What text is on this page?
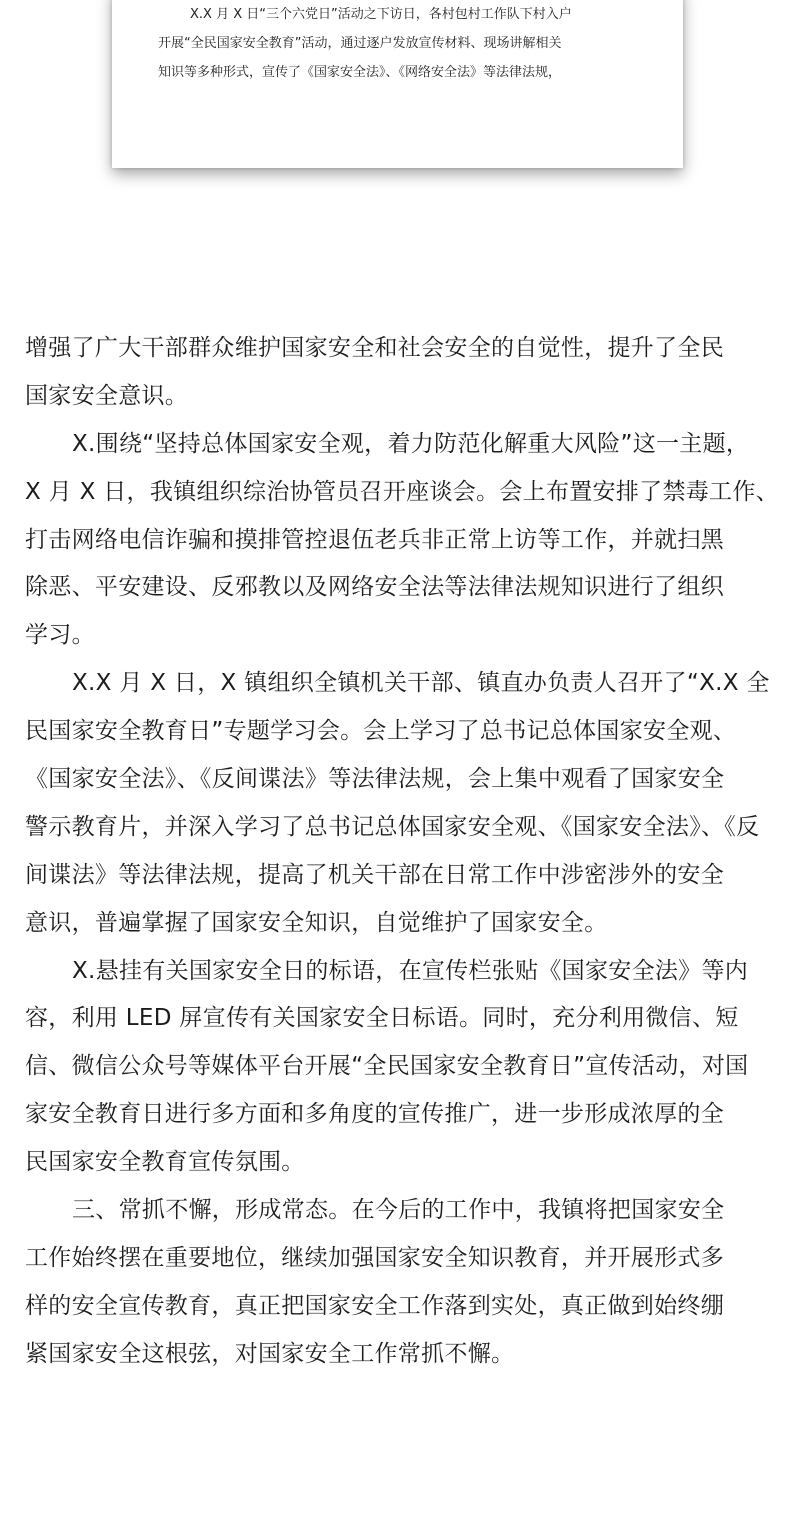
X.X 月 X 日“三个六党日”活动之下访日，各村包村工作队下村入户
开展“全民国家安全教育”活动，通过逐户发放宣传材料、现场讲解相关
知识等多种形式，宣传了《国家安全法》、《网络安全法》等法律法规，
增强了广大干部群众维护国家安全和社会安全的自觉性，提升了全民
国家安全意识。
X.围绕“坚持总体国家安全观，着力防范化解重大风险”这一主题，
X 月 X 日，我镇组织综治协管员召开座谈会。会上布置安排了禁毒工作、
打击网络电信诈骗和摸排管控退伍老兵非正常上访等工作，并就扫黑
除恶、平安建设、反邪教以及网络安全法等法律法规知识进行了组织
学习。
X.X 月 X 日，X 镇组织全镇机关干部、镇直办负责人召开了“X.X 全
民国家安全教育日”专题学习会。会上学习了总书记总体国家安全观、
《国家安全法》、《反间谍法》等法律法规，会上集中观看了国家安全
警示教育片，并深入学习了总书记总体国家安全观、《国家安全法》、《反
间谍法》等法律法规，提高了机关干部在日常工作中涉密涉外的安全
意识，普遍掌握了国家安全知识，自觉维护了国家安全。
X.悬挂有关国家安全日的标语，在宣传栏张贴《国家安全法》等内
容，利用 LED 屏宣传有关国家安全日标语。同时，充分利用微信、短
信、微信公众号等媒体平台开展“全民国家安全教育日”宣传活动，对国
家安全教育日进行多方面和多角度的宣传推广，进一步形成浓厚的全
民国家安全教育宣传氛围。
三、常抓不懈，形成常态。在今后的工作中，我镇将把国家安全
工作始终摆在重要地位，继续加强国家安全知识教育，并开展形式多
样的安全宣传教育，真正把国家安全工作落到实处，真正做到始终绷
紧国家安全这根弦，对国家安全工作常抓不懈。
